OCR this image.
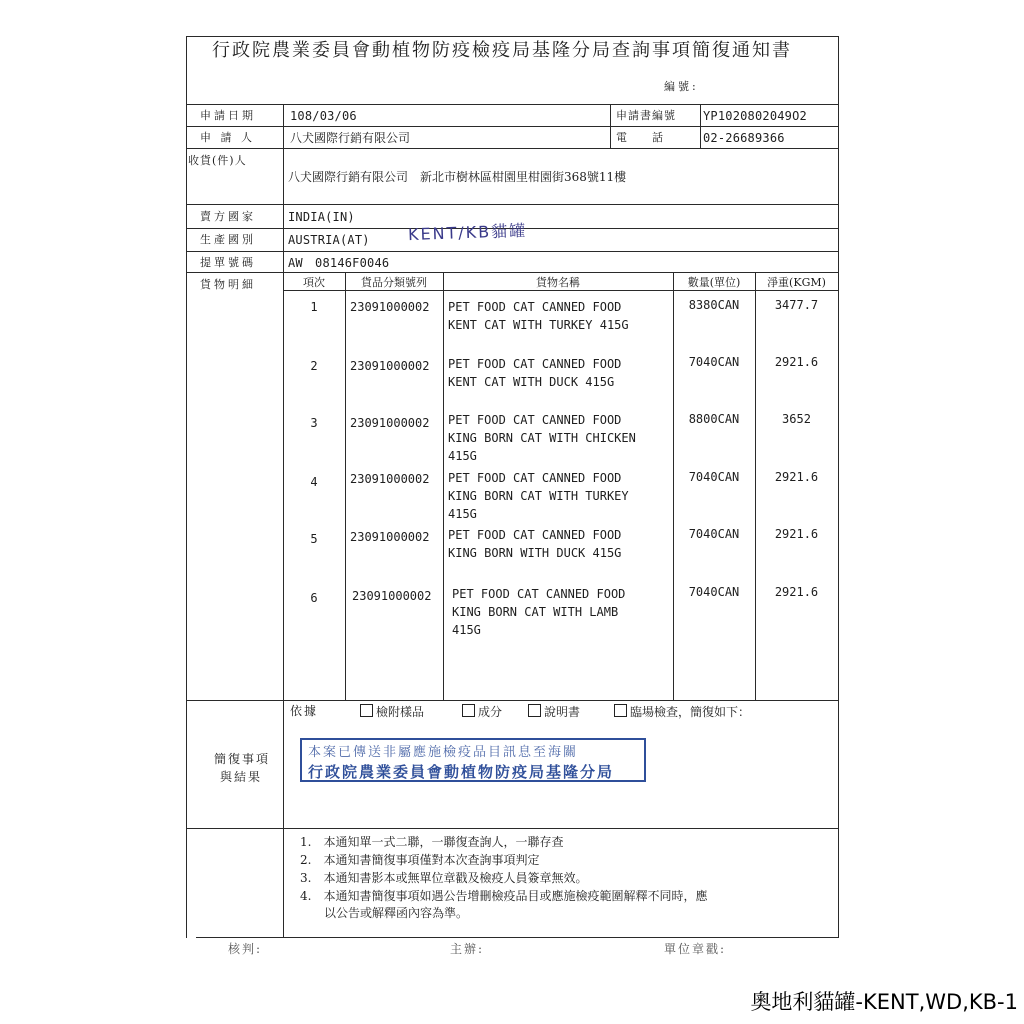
行政院農業委員會動植物防疫檢疫局基隆分局查詢事項簡復通知書
編號:
申請日期	108/03/06	申請書編號 YP1020802049O2
申 請 人	八犬國際行銷有限公司	電　　話	02-26689366
收貨(件)人
八犬國際行銷有限公司　新北市樹林區柑園里柑園街368號11樓
賣方國家	INDIA(IN)
生產國別	AUSTRIA(AT) KENT/KB貓罐
提單號碼	AW　08146F0046
貨物明細	項次	貨品分類號列	貨物名稱	數量(單位)	淨重(KGM)
1	23091000002 PET FOOD CAT CANNED FOOD
KENT CAT WITH TURKEY 415G
8380CAN	3477.7
2	23091000002 PET FOOD CAT CANNED FOOD
KENT CAT WITH DUCK 415G
7040CAN	2921.6
3	23091000002 PET FOOD CAT CANNED FOOD
KING BORN CAT WITH CHICKEN
415G
8800CAN	3652
4	23091000002 PET FOOD CAT CANNED FOOD
KING BORN CAT WITH TURKEY
415G
7040CAN	2921.6
5	23091000002 PET FOOD CAT CANNED FOOD
KING BORN WITH DUCK 415G
7040CAN	2921.6
6	23091000002 PET FOOD CAT CANNED FOOD
KING BORN CAT WITH LAMB
415G
7040CAN	2921.6
簡復事項
與結果
依據	檢附樣品	成分	說明書	臨場檢查，簡復如下：
本案已傳送非屬應施檢疫品目訊息至海關
行政院農業委員會動植物防疫局基隆分局
1.　本通知單一式二聯，一聯復查詢人，一聯存查
2.　本通知書簡復事項僅對本次查詢事項判定
3.　本通知書影本或無單位章戳及檢疫人員簽章無效。
4.　本通知書簡復事項如遇公告增刪檢疫品目或應施檢疫範圍解釋不同時，應
　　以公告或解釋函內容為準。
核判:	主辦:	單位章戳:
奧地利貓罐-KENT,WD,KB-1
